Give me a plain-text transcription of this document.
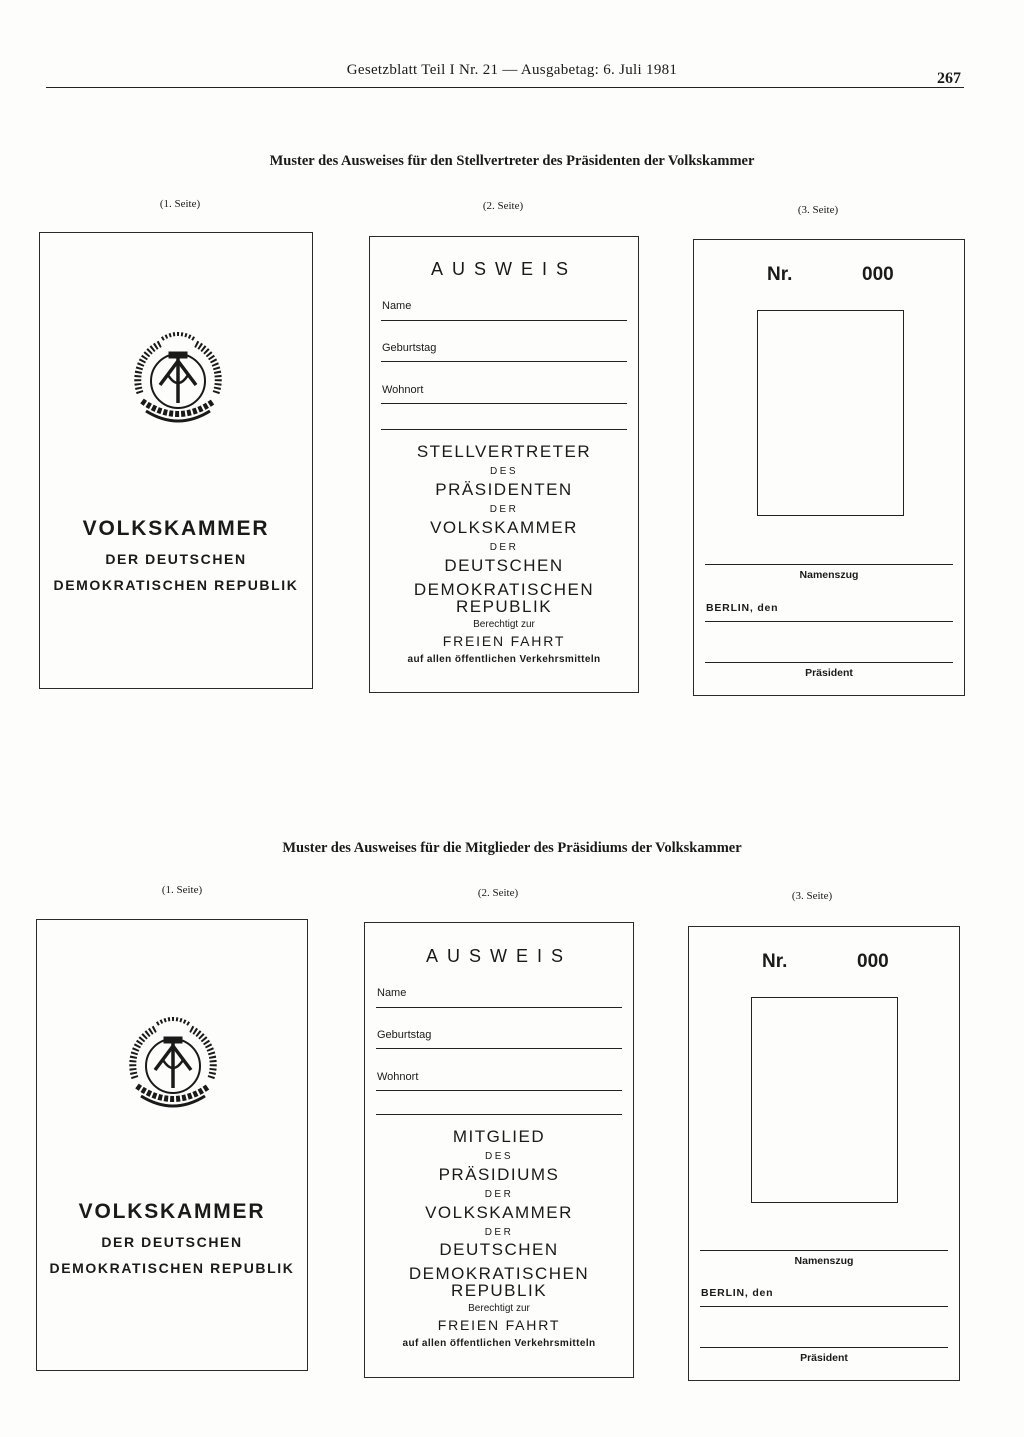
Gesetzblatt Teil I Nr. 21 — Ausgabetag: 6. Juli 1981	267
Muster des Ausweises für den Stellvertreter des Präsidenten der Volkskammer
(1. Seite)	(2. Seite)	(3. Seite)
VOLKSKAMMER
DER DEUTSCHEN
DEMOKRATISCHEN REPUBLIK
AUSWEIS
Name
Geburtstag
Wohnort
STELLVERTRETER
DES
PRÄSIDENTEN
DER
VOLKSKAMMER
DER
DEUTSCHEN
DEMOKRATISCHEN REPUBLIK
Berechtigt zur
FREIEN FAHRT
auf allen öffentlichen Verkehrsmitteln
Nr.	000
Namenszug
BERLIN, den
Präsident
Muster des Ausweises für die Mitglieder des Präsidiums der Volkskammer
(1. Seite)	(2. Seite)	(3. Seite)
VOLKSKAMMER
DER DEUTSCHEN
DEMOKRATISCHEN REPUBLIK
AUSWEIS
Name
Geburtstag
Wohnort
MITGLIED
DES
PRÄSIDIUMS
DER
VOLKSKAMMER
DER
DEUTSCHEN
DEMOKRATISCHEN REPUBLIK
Berechtigt zur
FREIEN FAHRT
auf allen öffentlichen Verkehrsmitteln
Nr.	000
Namenszug
BERLIN, den
Präsident
